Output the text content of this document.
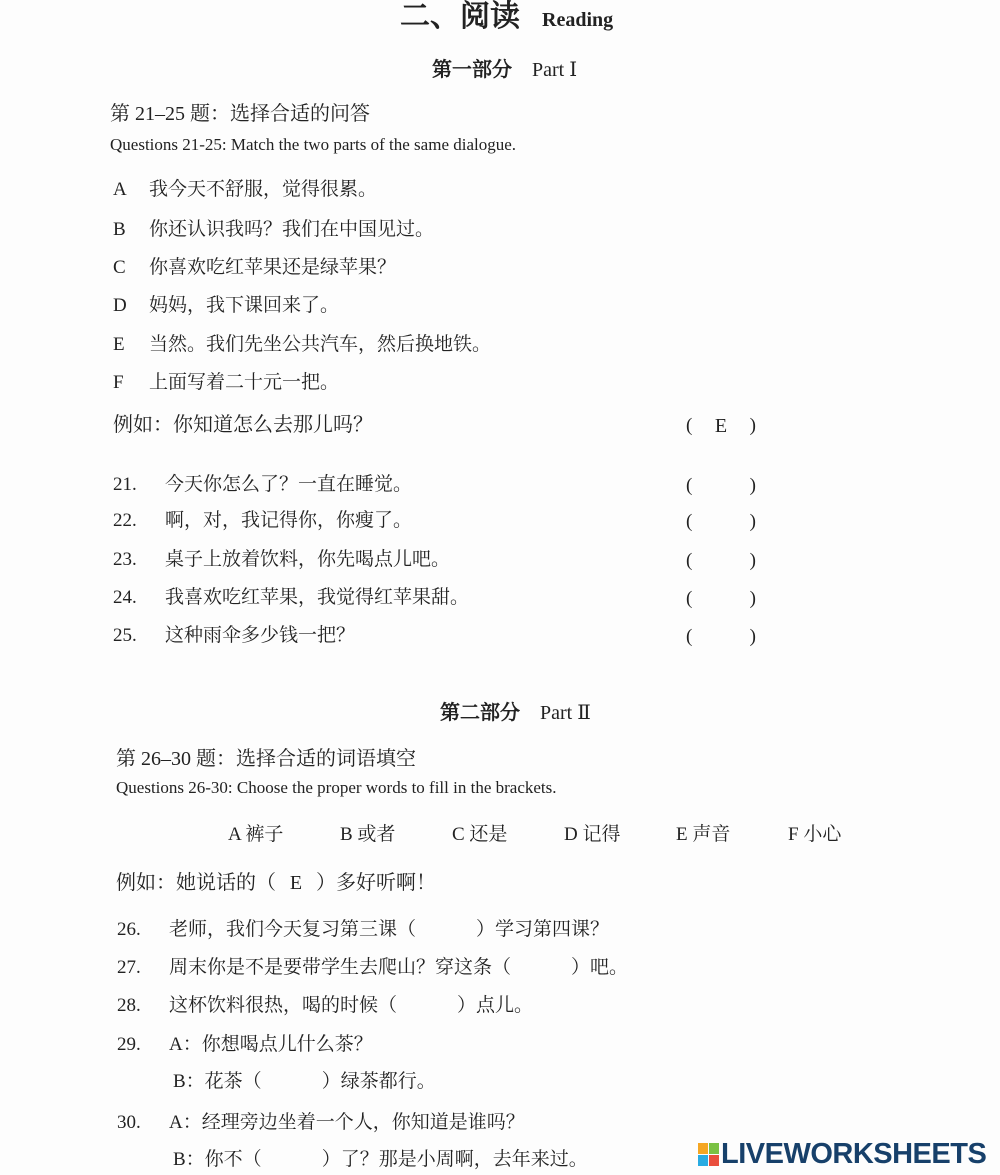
二、阅读 Reading
第一部分 Part Ⅰ
第 21–25 题：选择合适的问答
Questions 21-25: Match the two parts of the same dialogue.
A 我今天不舒服，觉得很累。
B 你还认识我吗？我们在中国见过。
C 你喜欢吃红苹果还是绿苹果？
D 妈妈，我下课回来了。
E 当然。我们先坐公共汽车，然后换地铁。
F 上面写着二十元一把。
例如：你知道怎么去那儿吗？	( E )
21. 今天你怎么了？一直在睡觉。	(	)
22. 啊，对，我记得你，你瘦了。	(	)
23. 桌子上放着饮料，你先喝点儿吧。	(	)
24. 我喜欢吃红苹果，我觉得红苹果甜。	(	)
25. 这种雨伞多少钱一把？	(	)
第二部分 Part Ⅱ
第 26–30 题：选择合适的词语填空
Questions 26-30: Choose the proper words to fill in the brackets.
A 裤子	B 或者	C 还是	D 记得	E 声音	F 小心
例如：她说话的（ E ）多好听啊！
26. 老师，我们今天复习第三课（	）学习第四课？
27. 周末你是不是要带学生去爬山？穿这条（	）吧。
28. 这杯饮料很热，喝的时候（	）点儿。
29. A：你想喝点儿什么茶？
B：花茶（	）绿茶都行。
30. A：经理旁边坐着一个人，你知道是谁吗？
B：你不（	）了？那是小周啊，去年来过。	LIVEWORKSHEETS
